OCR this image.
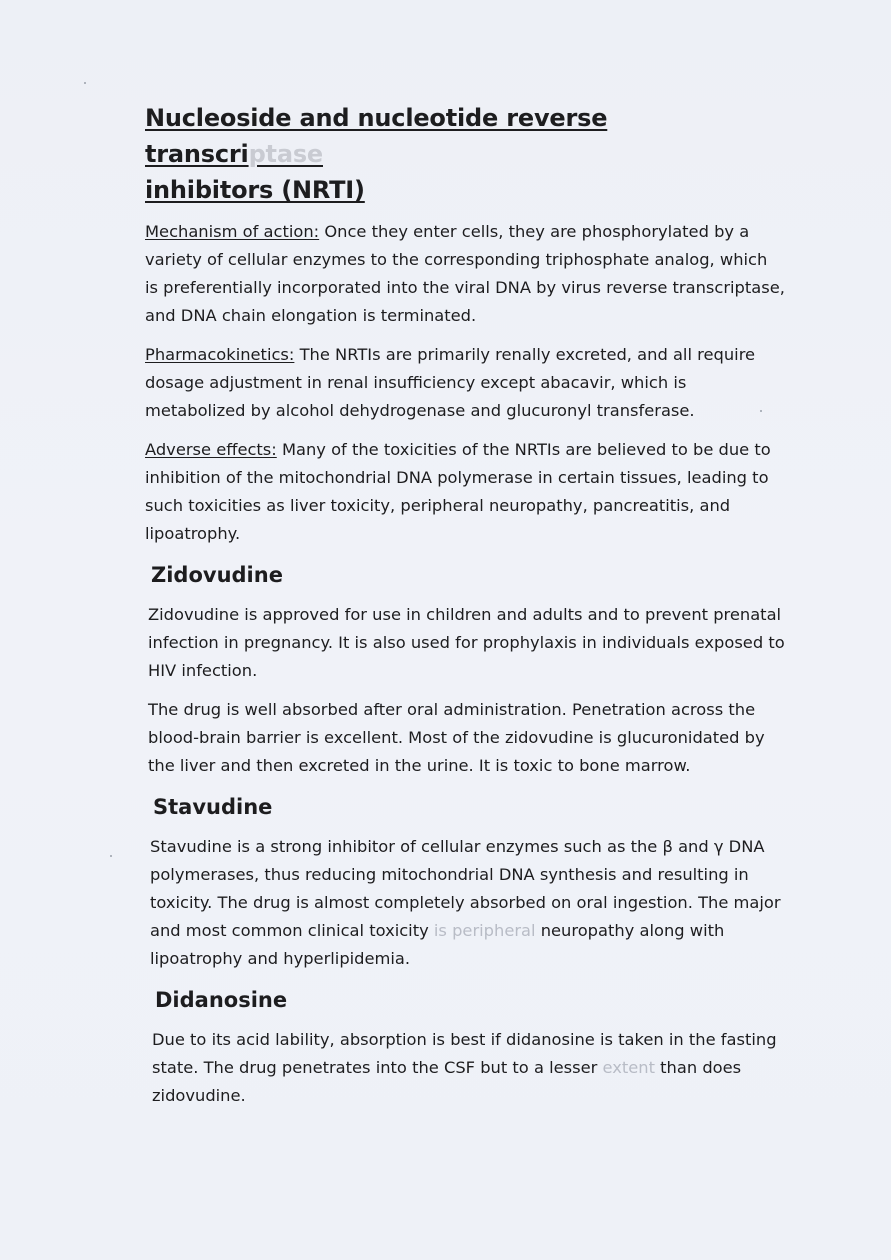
Nucleoside and nucleotide reverse transcriptase
inhibitors (NRTI)

Mechanism of action: Once they enter cells, they are phosphorylated by a variety of cellular enzymes to the corresponding triphosphate analog, which is preferentially incorporated into the viral DNA by virus reverse transcriptase, and DNA chain elongation is terminated.

Pharmacokinetics: The NRTIs are primarily renally excreted, and all require dosage adjustment in renal insufficiency except abacavir, which is metabolized by alcohol dehydrogenase and glucuronyl transferase.

Adverse effects: Many of the toxicities of the NRTIs are believed to be due to inhibition of the mitochondrial DNA polymerase in certain tissues, leading to such toxicities as liver toxicity, peripheral neuropathy, pancreatitis, and lipoatrophy.

Zidovudine

Zidovudine is approved for use in children and adults and to prevent prenatal infection in pregnancy. It is also used for prophylaxis in individuals exposed to HIV infection.

The drug is well absorbed after oral administration. Penetration across the blood-brain barrier is excellent. Most of the zidovudine is glucuronidated by the liver and then excreted in the urine. It is toxic to bone marrow.

Stavudine

Stavudine is a strong inhibitor of cellular enzymes such as the β and γ DNA polymerases, thus reducing mitochondrial DNA synthesis and resulting in toxicity. The drug is almost completely absorbed on oral ingestion. The major and most common clinical toxicity is peripheral neuropathy along with lipoatrophy and hyperlipidemia.

Didanosine

Due to its acid lability, absorption is best if didanosine is taken in the fasting state. The drug penetrates into the CSF but to a lesser extent than does zidovudine.
